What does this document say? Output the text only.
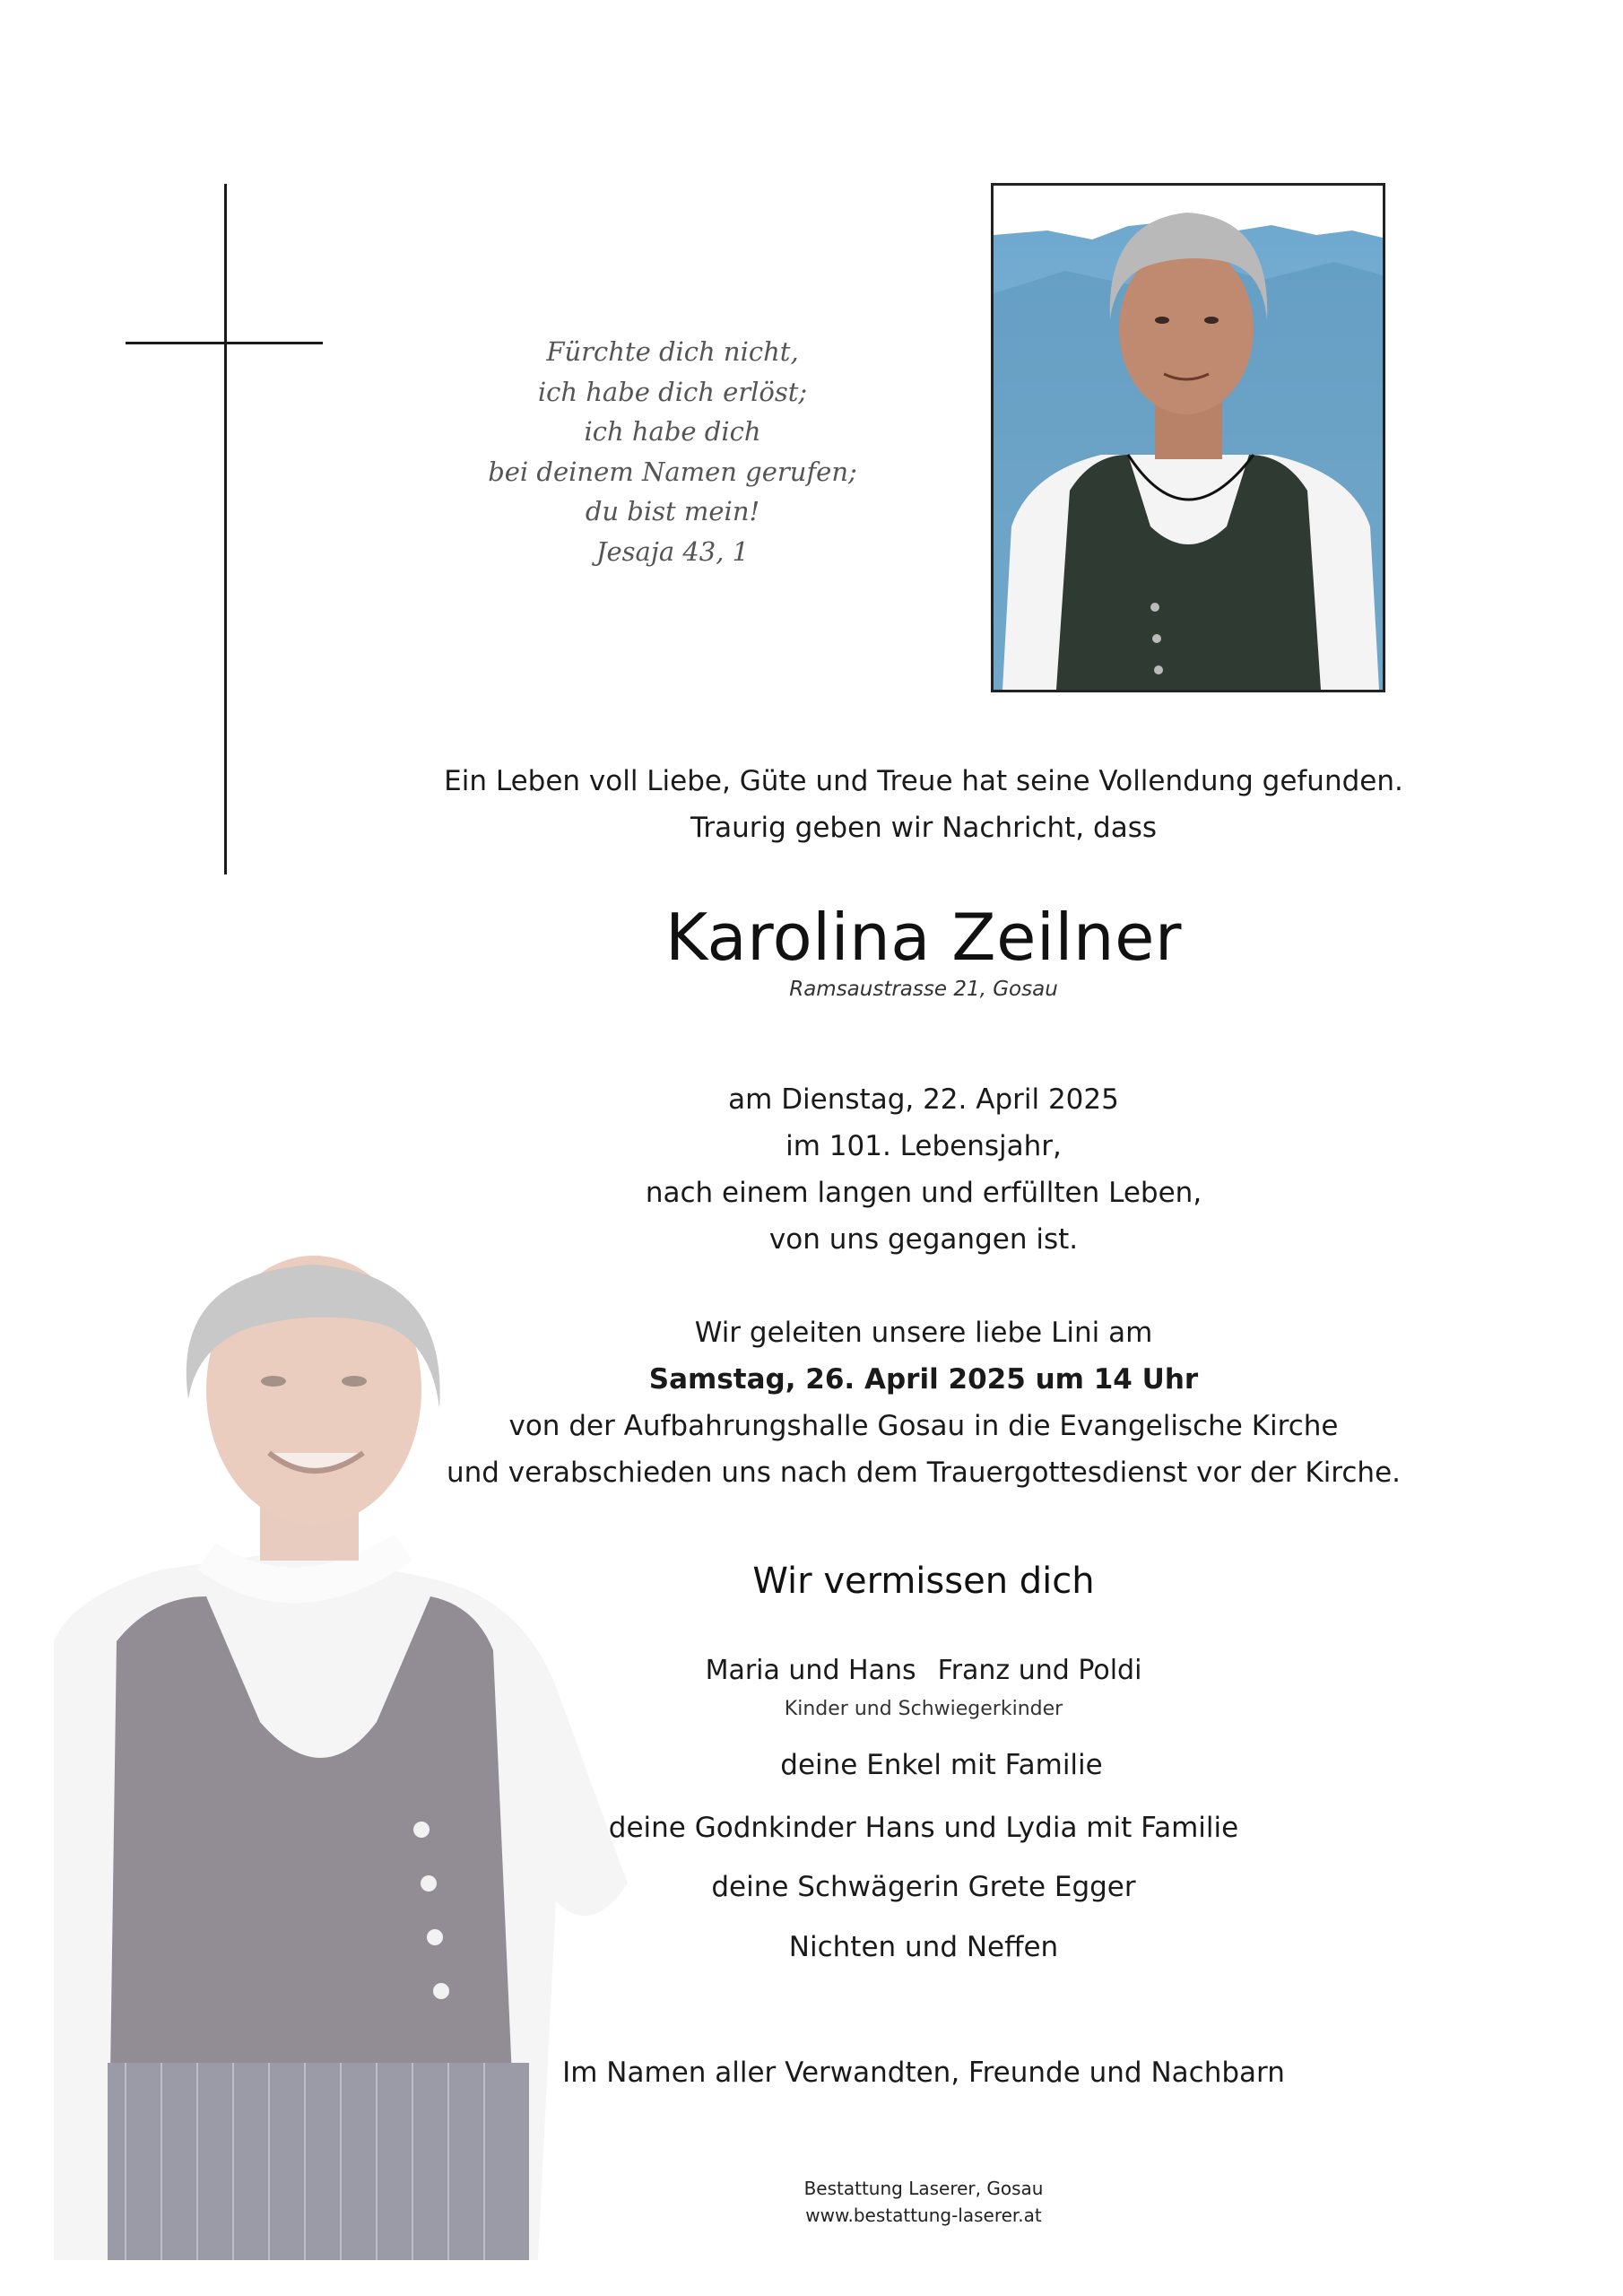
Fürchte dich nicht,
ich habe dich erlöst;
ich habe dich
bei deinem Namen gerufen;
du bist mein!
Jesaja 43, 1
Ein Leben voll Liebe, Güte und Treue hat seine Vollendung gefunden.
Traurig geben wir Nachricht, dass
Karolina Zeilner
Ramsaustrasse 21, Gosau
am Dienstag, 22. April 2025
im 101. Lebensjahr,
nach einem langen und erfüllten Leben,
von uns gegangen ist.
Wir geleiten unsere liebe Lini am
Samstag, 26. April 2025 um 14 Uhr
von der Aufbahrungshalle Gosau in die Evangelische Kirche
und verabschieden uns nach dem Trauergottesdienst vor der Kirche.
Wir vermissen dich
Maria und Hans Franz und Poldi
Kinder und Schwiegerkinder
deine Enkel mit Familie
deine Godnkinder Hans und Lydia mit Familie
deine Schwägerin Grete Egger
Nichten und Neffen
Im Namen aller Verwandten, Freunde und Nachbarn
Bestattung Laserer, Gosau
www.bestattung-laserer.at
